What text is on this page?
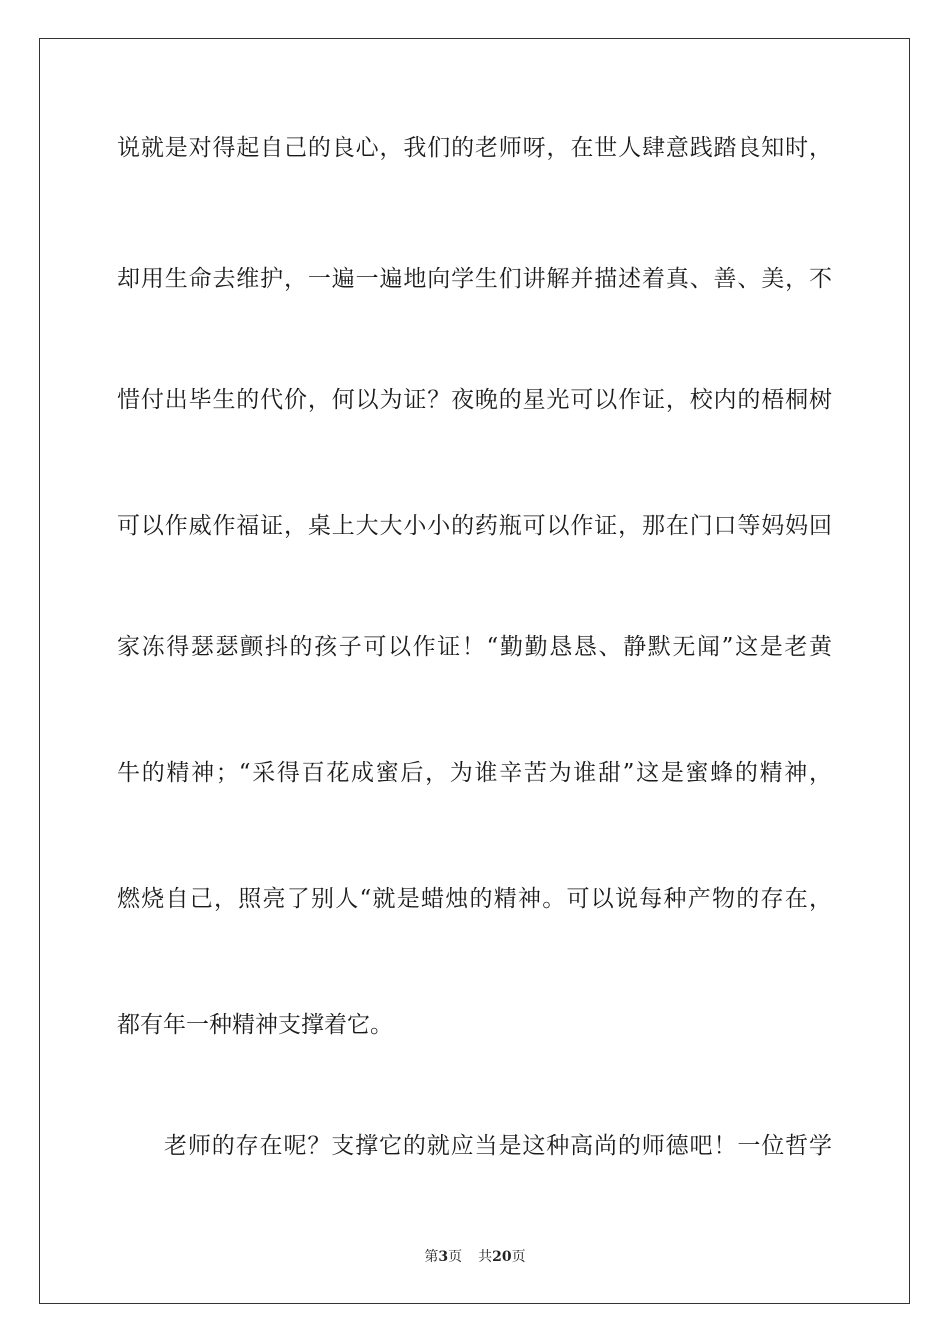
说就是对得起自己的良心，我们的老师呀，在世人肆意践踏良知时，
却用生命去维护，一遍一遍地向学生们讲解并描述着真、善、美，不
惜付出毕生的代价，何以为证？夜晚的星光可以作证，校内的梧桐树
可以作威作福证，桌上大大小小的药瓶可以作证，那在门口等妈妈回
家冻得瑟瑟颤抖的孩子可以作证！“勤勤恳恳、静默无闻”这是老黄
牛的精神；“采得百花成蜜后，为谁辛苦为谁甜”这是蜜蜂的精神，
燃烧自己，照亮了别人“就是蜡烛的精神。可以说每种产物的存在，
都有年一种精神支撑着它。
老师的存在呢？支撑它的就应当是这种高尚的师德吧！一位哲学
第3页 共20页
